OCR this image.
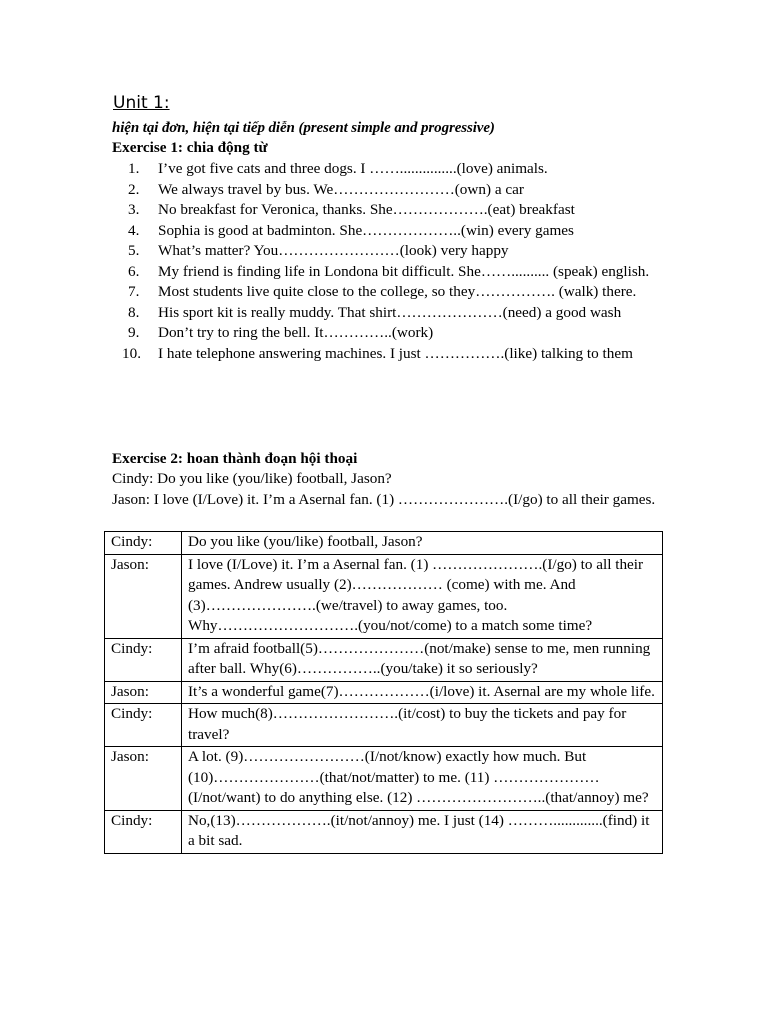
Unit 1:
hiện tại đơn, hiện tại tiếp diễn (present simple and progressive)
Exercise 1: chia động từ
1.	I’ve got five cats and three dogs. I ……...............(love) animals.
2.	We always travel by bus. We……………………(own) a car
3.	No breakfast for Veronica, thanks. She……………….(eat) breakfast
4.	Sophia is good at badminton. She………………..(win) every games
5.	What’s matter? You……………………(look) very happy
6.	My friend is finding life in Londona bit difficult. She…….......... (speak) english.
7.	Most students live quite close to the college, so they……………. (walk) there.
8.	His sport kit is really muddy. That shirt…………………(need) a good wash
9.	Don’t try to ring the bell. It…………..(work)
10.	I hate telephone answering machines. I just …………….(like) talking to them
Exercise 2: hoan thành đoạn hội thoại

Cindy: Do you like (you/like) football, Jason?

Jason: I love (I/Love) it. I’m a Asernal fan. (1) ………………….(I/go) to all their games.

Cindy:	Do you like (you/like) football, Jason?
Jason:	I love (I/Love) it. I’m a Asernal fan. (1) ………………….(I/go) to all their games. Andrew usually (2)……………… (come) with me. And (3)………………….(we/travel) to away games, too. Why……………………….(you/not/come) to a match some time?
Cindy:	I’m afraid football(5)…………………(not/make) sense to me, men running after ball. Why(6)……………..(you/take) it so seriously?
Jason:	It’s a wonderful game(7)………………(i/love) it. Asernal are my whole life.
Cindy:	How much(8)…………………….(it/cost) to buy the tickets and pay for travel?
Jason:	A lot. (9)……………………(I/not/know) exactly how much. But (10)…………………(that/not/matter) to me. (11) …………………(I/not/want) to do anything else. (12) ……………………..(that/annoy) me?
Cindy:	No,(13)……………….(it/not/annoy) me. I just (14) ……….............(find) it a bit sad.
